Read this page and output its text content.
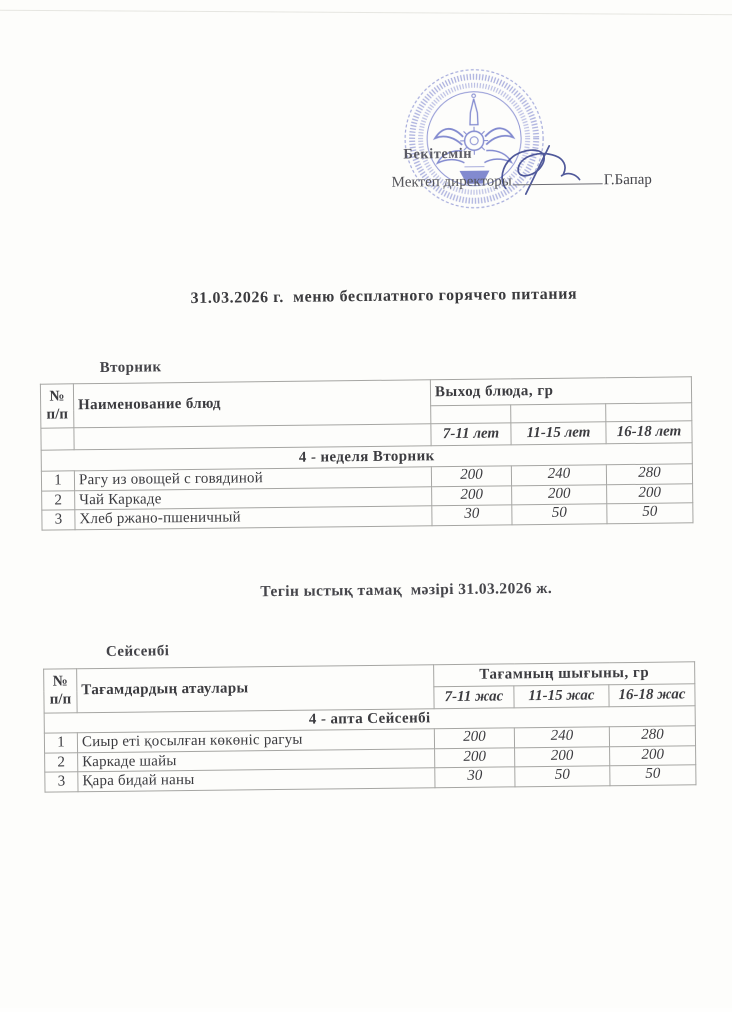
Бекітемін
Мектеп директоры	Г.Бапар
31.03.2026 г.  меню бесплатного горячего питания
Тегін ыстық тамақ  мәзірі 31.03.2026 ж.
Вторник
Сейсенбі
№
п/п	Наименование блюд	Выход блюда, гр		

		7-11 лет	11-15 лет	16-18 лет
4 - неделя Вторник				
1	Рагу из овощей с говядиной	200	240	280
2	Чай Каркаде	200	200	200
3	Хлеб ржано-пшеничный	30	50	50
№
п/п	Тағамдардың атаулары	Тағамның шығыны, гр		
		7-11 жас	11-15 жас	16-18 жас
4 - апта Сейсенбі				
1	Сиыр еті қосылған көкөніс рагуы	200	240	280
2	Каркаде шайы	200	200	200
3	Қара бидай наны	30	50	50
